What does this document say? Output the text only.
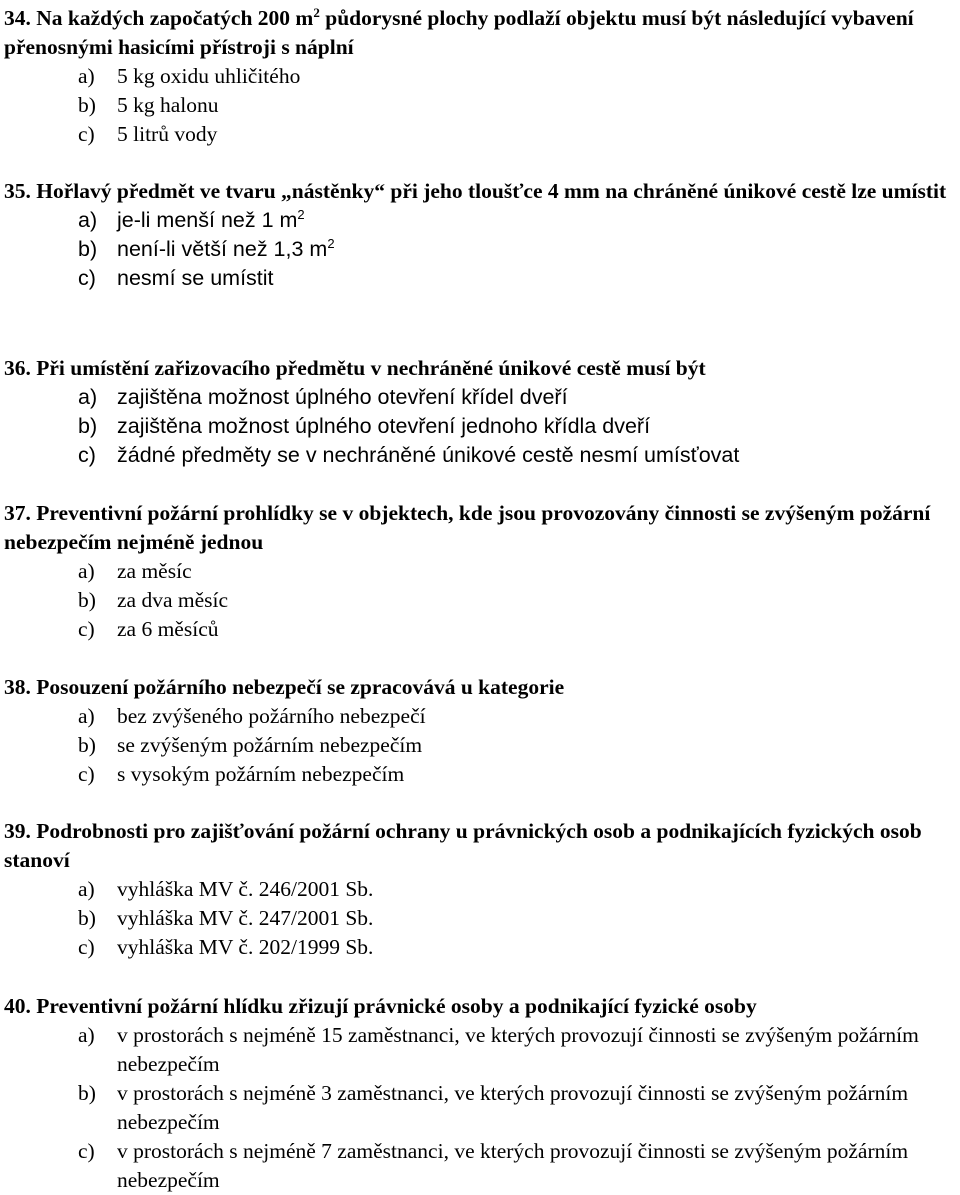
34. Na každých započatých 200 $m^2$ půdorysné plochy podlaží objektu musí být následující vybavení přenosnými hasicími přístroji s náplní

a) 5 kg oxidu uhličitého
b) 5 kg halonu
c) 5 litrů vody

35. Hořlavý předmět ve tvaru „nástěnky“ při jeho tloušťce 4 mm na chráněné únikové cestě lze umístit

a) je-li menší než 1 $m^2$
b) není-li větší než 1,3 $m^2$
c) nesmí se umístit

36. Při umístění zařizovacího předmětu v nechráněné únikové cestě musí být

a) zajištěna možnost úplného otevření křídel dveří
b) zajištěna možnost úplného otevření jednoho křídla dveří
c) žádné předměty se v nechráněné únikové cestě nesmí umísťovat

37. Preventivní požární prohlídky se v objektech, kde jsou provozovány činnosti se zvýšeným požární nebezpečím nejméně jednou

a) za měsíc
b) za dva měsíc
c) za 6 měsíců

38. Posouzení požárního nebezpečí se zpracovává u kategorie

a) bez zvýšeného požárního nebezpečí
b) se zvýšeným požárním nebezpečím
c) s vysokým požárním nebezpečím

39. Podrobnosti pro zajišťování požární ochrany u právnických osob a podnikajících fyzických osob stanoví

a) vyhláška MV č. 246/2001 Sb.
b) vyhláška MV č. 247/2001 Sb.
c) vyhláška MV č. 202/1999 Sb.

40. Preventivní požární hlídku zřizují právnické osoby a podnikající fyzické osoby

a) v prostorách s nejméně 15 zaměstnanci, ve kterých provozují činnosti se zvýšeným požárním nebezpečím
b) v prostorách s nejméně 3 zaměstnanci, ve kterých provozují činnosti se zvýšeným požárním nebezpečím
c) v prostorách s nejméně 7 zaměstnanci, ve kterých provozují činnosti se zvýšeným požárním nebezpečím
